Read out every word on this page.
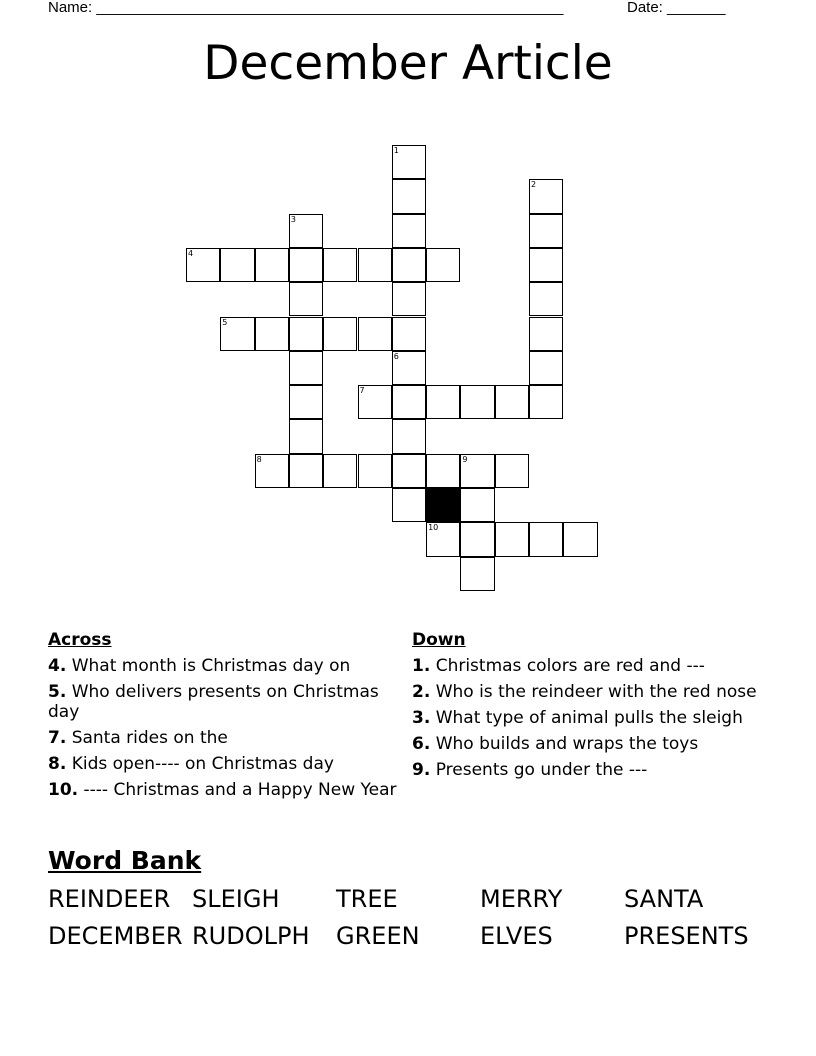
Name: ________________________________________________________	Date: _______
December Article
1
2
3
4
5
6
7
8	9
10
Across
4. What month is Christmas day on
5. Who delivers presents on Christmas day
7. Santa rides on the
8. Kids open---- on Christmas day
10. ---- Christmas and a Happy New Year
Down
1. Christmas colors are red and ---
2. Who is the reindeer with the red nose
3. What type of animal pulls the sleigh
6. Who builds and wraps the toys
9. Presents go under the ---
Word Bank
REINDEER SLEIGH TREE	MERRY	SANTA
DECEMBER RUDOLPH GREEN	ELVES	PRESENTS
